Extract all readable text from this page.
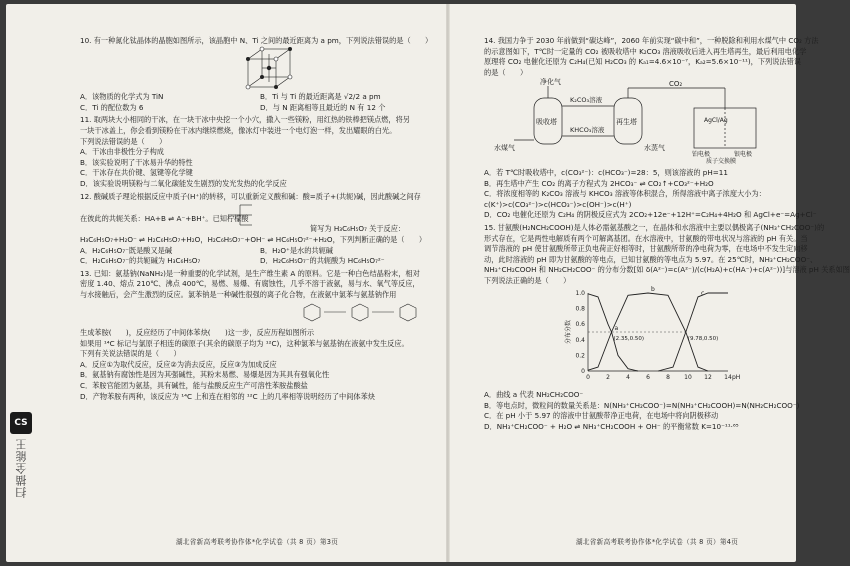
10. 有一种氮化钛晶体的晶胞如图所示，该晶胞中 N、Ti 之间的最近距离为 a pm，下列说法错误的是（　　）

A．该物质的化学式为 TiN	B．Ti 与 Ti 的最近距离是 √2/2 a pm
C．Ti 的配位数为 6	D．与 N 距离相等且最近的 N 有 12 个

11. 取两块大小相同的干冰，在一块干冰中央挖一个小穴，撒入一些镁粉，用红热的铁棒把镁点燃，将另

一块干冰盖上，你会看到镁粉在干冰内继续燃烧，像冰灯中装进一个电灯泡一样，发出耀眼的白光。

下列说法错误的是（　　）

A．干冰由非极性分子构成

B．该实验说明了干冰易升华的特性

C．干冰存在共价键、氢键等化学键

D．该实验说明镁粉与二氧化碳能发生剧烈的发光发热的化学反应

12. 酸碱质子理论根据反应中质子(H⁺)的转移，可以重新定义酸和碱：酸=质子+(共轭)碱，因此酸碱之间存

在彼此的共轭关系：HA+B ⇌ A⁻+BH⁺。已知柠檬酸

简写为 H₃C₆H₅O₇ 关于反应：

H₃C₆H₅O₇+H₂O⁻ ⇌ H₂C₆H₅O₇+H₂O，H₂C₆H₅O₇⁻+OH⁻ ⇌ HC₆H₅O₇²⁻+H₂O，下列判断正确的是（　　）

A．H₂C₆H₅O₇⁻既是酸又是碱	B．H₂O⁺是水的共轭碱
C．H₂C₆H₅O₇⁻的共轭碱为 H₃C₆H₅O₇	D．H₂C₆H₅O₇⁻的共轭酸为 HC₆H₅O₇²⁻

13. 已知：氨基钠(NaNH₂)是一种重要的化学试剂，是生产维生素 A 的原料。它是一种白色结晶粉末，相对

密度 1.40、熔点 210℃、沸点 400℃，易燃、易爆、有腐蚀性，几乎不溶于液氨，易与水、氧气等反应，

与水接触后，会产生激烈的反应。氯苯钠是一种碱性很强的离子化合物，在液氨中氯苯与氨基钠作用

生成苯胺(　　)，反应经历了中间体苯炔(　　)这一步，反应历程如图所示

如果用 ¹⁴C 标记与氯原子相连的碳原子(其余的碳原子均为 ¹²C)，这种氯苯与氨基钠在液氨中发生反应。

下列有关说法错误的是（　　）

A．反应①为取代反应，反应②为消去反应，反应③为加成反应

B．氨基钠有腐蚀性是因为其强碱性，其粉末易燃、易爆是因为其具有强氧化性

C．苯胺官能团为氨基，具有碱性，能与盐酸反应生产可溶性苯胺盐酸盐

D．产物苯胺有两种，该反应为 ¹⁴C 上和连在相邻的 ¹²C 上的几率相等说明经历了中间体苯炔

湖北省新高考联考协作体*化学试卷（共 8 页）第3页

14. 我国力争于 2030 年前做到“碳达峰”，2060 年前实现“碳中和”，一种脱除和利用水煤气中 CO₂ 方法

的示意图如下，T℃时一定量的 CO₂ 被吸收塔中 K₂CO₃ 溶液吸收后进入再生塔再生，最后利用电化学

原理将 CO₂ 电催化还原为 C₂H₄(已知 H₂CO₃ 的 Kₐ₁=4.6×10⁻⁷，Kₐ₂=5.6×10⁻¹¹)，下列说法错误

的是（　　）

净化气	CO₂
K₂CO₃溶液
KHCO₃溶液
吸收塔	再生塔
水煤气	水蒸气
铂电极
AgCl/Ag
银电极
质子交换膜

A．若 T℃时吸收塔中，c(CO₃²⁻)：c(HCO₃⁻)=28：5，则该溶液的 pH=11

B．再生塔中产生 CO₂ 的离子方程式为 2HCO₃⁻ ⇌ CO₂↑+CO₃²⁻+H₂O

C．将浓度相等的 K₂CO₃ 溶液与 KHCO₃ 溶液等体积混合，所得溶液中离子浓度大小为：

c(K⁺)>c(CO₃²⁻)>c(HCO₃⁻)>c(OH⁻)>c(H⁺)

D．CO₂ 电催化还原为 C₂H₄ 的阴极反应式为 2CO₂+12e⁻+12H⁺=C₂H₄+4H₂O 和 AgCl+e⁻=Ag+Cl⁻

15. 甘氨酸(H₂NCH₂COOH)是人体必需氨基酸之一，在晶体和水溶液中主要以偶极离子(NH₃⁺CH₂COO⁻)的

形式存在，它是两性电解质有两个可解离基团。在水溶液中，甘氨酸的带电状况与溶液的 pH 有关。当

调节溶液的 pH 使甘氨酸所带正负电荷正好相等时，甘氨酸所带的净电荷为零，在电场中不发生定向移

动，此时溶液的 pH 即为甘氨酸的等电点，已知甘氨酸的等电点为 5.97。在 25℃时，NH₃⁺CH₂COO⁻、

NH₃⁺CH₂COOH 和 NH₂CH₂COO⁻ 的分布分数[如 δ(A²⁻)=c(A²⁻)/(c(H₂A)+c(HA⁻)+c(A²⁻))]与溶液 pH 关系如图

下列说法正确的是（　　）

0	2	4	6	8 10 12 14
0
0.2
0.4
0.6
0.8
1.0
pH
分布分数	a
b
c
(2.35,0.50)	(9.78,0.50)

A．曲线 a 代表 NH₂CH₂COO⁻

B．等电点时，微粒间的数量关系是：N(NH₃⁺CH₂COO⁻)=N(NH₃⁺CH₂COOH)=N(NH₂CH₂COO⁻)

C．在 pH 小于 5.97 的溶液中甘氨酸带净正电荷，在电场中将向阴极移动

D．NH₃⁺CH₂COO⁻ + H₂O ⇌ NH₃⁺CH₂COOH + OH⁻ 的平衡常数 K=10⁻¹¹·⁶⁵

湖北省新高考联考协作体*化学试卷（共 8 页）第4页
CS
扫描全能王
